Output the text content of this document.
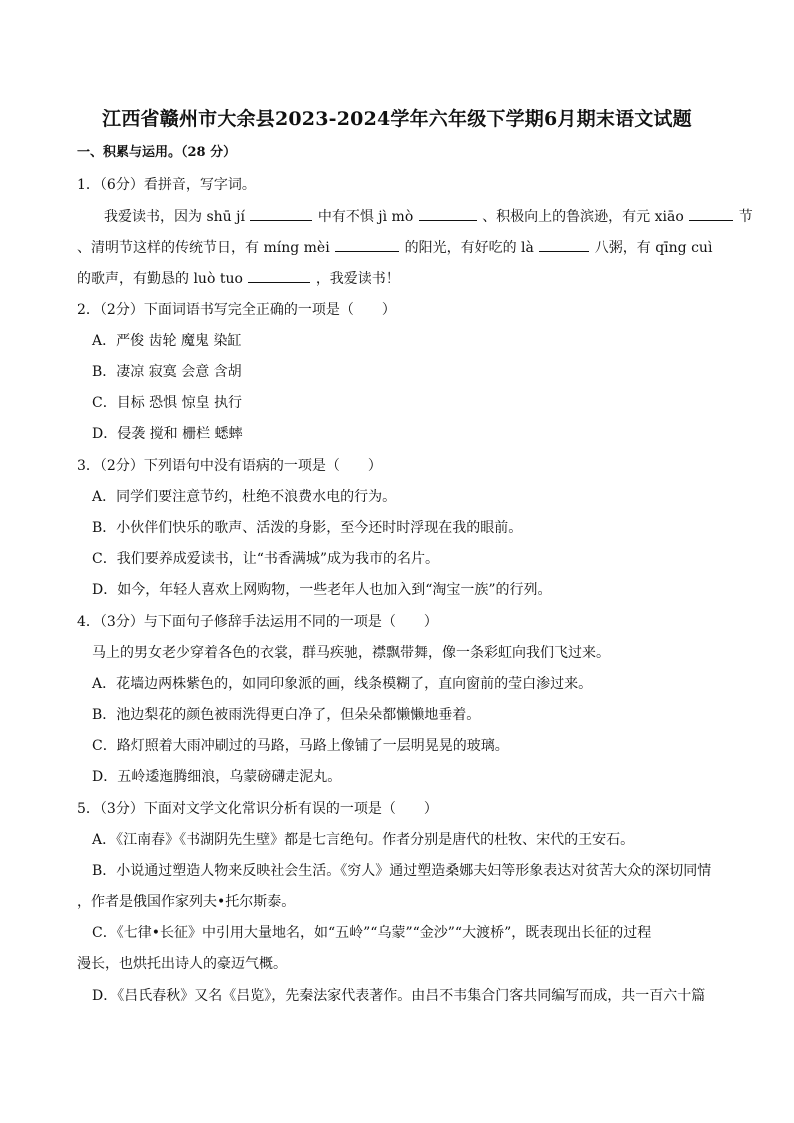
江西省赣州市大余县2023-2024学年六年级下学期6月期末语文试题
一、积累与运用。（28 分）
1．（6分）看拼音，写字词。
我爱读书，因为 shū jí	中有不惧 jì mò	、积极向上的鲁滨逊，有元 xiāo	节
、清明节这样的传统节日，有 míng mèi	的阳光，有好吃的 là	八粥，有 qīng cuì
的歌声，有勤恳的 luò tuo	，我爱读书！
2．（2分）下面词语书写完全正确的一项是（　　）
A．严俊 齿轮 魔鬼 染缸
B．凄凉 寂寞 会意 含胡
C．目标 恐惧 惊皇 执行
D．侵袭 搅和 栅栏 蟋蟀
3．（2分）下列语句中没有语病的一项是（　　）
A．同学们要注意节约，杜绝不浪费水电的行为。
B．小伙伴们快乐的歌声、活泼的身影，至今还时时浮现在我的眼前。
C．我们要养成爱读书，让“书香满城”成为我市的名片。
D．如今，年轻人喜欢上网购物，一些老年人也加入到“淘宝一族”的行列。
4．（3分）与下面句子修辞手法运用不同的一项是（　　）
马上的男女老少穿着各色的衣裳，群马疾驰，襟飘带舞，像一条彩虹向我们飞过来。
A．花墙边两株紫色的，如同印象派的画，线条模糊了，直向窗前的莹白渗过来。
B．池边梨花的颜色被雨洗得更白净了，但朵朵都懒懒地垂着。
C．路灯照着大雨冲刷过的马路，马路上像铺了一层明晃晃的玻璃。
D．五岭逶迤腾细浪，乌蒙磅礴走泥丸。
5．（3分）下面对文学文化常识分析有误的一项是（　　）
A．《江南春》《书湖阴先生壁》都是七言绝句。作者分别是唐代的杜牧、宋代的王安石。
B．小说通过塑造人物来反映社会生活。《穷人》通过塑造桑娜夫妇等形象表达对贫苦大众的深切同情
，作者是俄国作家列夫•托尔斯泰。
C．《七律•长征》中引用大量地名，如“五岭”“乌蒙”“金沙”“大渡桥”，既表现出长征的过程
漫长，也烘托出诗人的豪迈气概。
D．《吕氏春秋》又名《吕览》，先秦法家代表著作。由吕不韦集合门客共同编写而成，共一百六十篇
